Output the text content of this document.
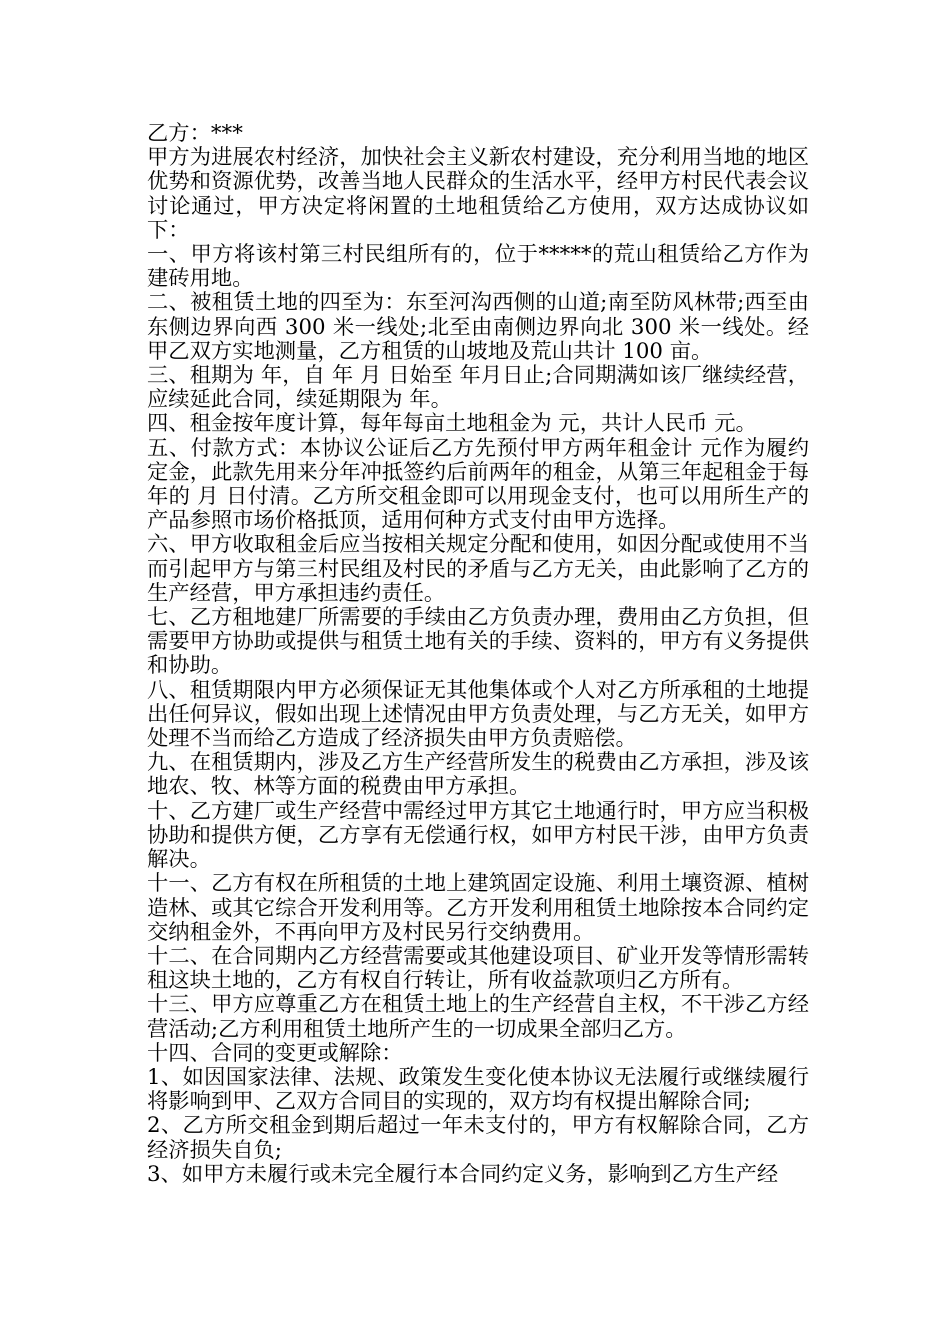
乙方：***

甲方为进展农村经济，加快社会主义新农村建设，充分利用当地的地区优势和资源优势，改善当地人民群众的生活水平，经甲方村民代表会议讨论通过，甲方决定将闲置的土地租赁给乙方使用，双方达成协议如下：

一、甲方将该村第三村民组所有的，位于*****的荒山租赁给乙方作为建砖用地。

二、被租赁土地的四至为：东至河沟西侧的山道;南至防风林带;西至由东侧边界向西 300 米一线处;北至由南侧边界向北 300 米一线处。经甲乙双方实地测量，乙方租赁的山坡地及荒山共计 100 亩。

三、租期为 年，自 年 月 日始至 年月日止;合同期满如该厂继续经营，应续延此合同，续延期限为 年。

四、租金按年度计算，每年每亩土地租金为 元，共计人民币 元。

五、付款方式：本协议公证后乙方先预付甲方两年租金计 元作为履约定金，此款先用来分年冲抵签约后前两年的租金，从第三年起租金于每年的 月 日付清。乙方所交租金即可以用现金支付，也可以用所生产的产品参照市场价格抵顶，适用何种方式支付由甲方选择。

六、甲方收取租金后应当按相关规定分配和使用，如因分配或使用不当而引起甲方与第三村民组及村民的矛盾与乙方无关，由此影响了乙方的生产经营，甲方承担违约责任。

七、乙方租地建厂所需要的手续由乙方负责办理，费用由乙方负担，但需要甲方协助或提供与租赁土地有关的手续、资料的，甲方有义务提供和协助。

八、租赁期限内甲方必须保证无其他集体或个人对乙方所承租的土地提出任何异议，假如出现上述情况由甲方负责处理，与乙方无关，如甲方处理不当而给乙方造成了经济损失由甲方负责赔偿。

九、在租赁期内，涉及乙方生产经营所发生的税费由乙方承担，涉及该地农、牧、林等方面的税费由甲方承担。

十、乙方建厂或生产经营中需经过甲方其它土地通行时，甲方应当积极协助和提供方便，乙方享有无偿通行权，如甲方村民干涉，由甲方负责解决。

十一、乙方有权在所租赁的土地上建筑固定设施、利用土壤资源、植树造林、或其它综合开发利用等。乙方开发利用租赁土地除按本合同约定交纳租金外，不再向甲方及村民另行交纳费用。

十二、在合同期内乙方经营需要或其他建设项目、矿业开发等情形需转租这块土地的，乙方有权自行转让，所有收益款项归乙方所有。

十三、甲方应尊重乙方在租赁土地上的生产经营自主权，不干涉乙方经营活动;乙方利用租赁土地所产生的一切成果全部归乙方。

十四、合同的变更或解除：

1、如因国家法律、法规、政策发生变化使本协议无法履行或继续履行将影响到甲、乙双方合同目的实现的，双方均有权提出解除合同;

2、乙方所交租金到期后超过一年未支付的，甲方有权解除合同，乙方经济损失自负;

3、如甲方未履行或未完全履行本合同约定义务，影响到乙方生产经
